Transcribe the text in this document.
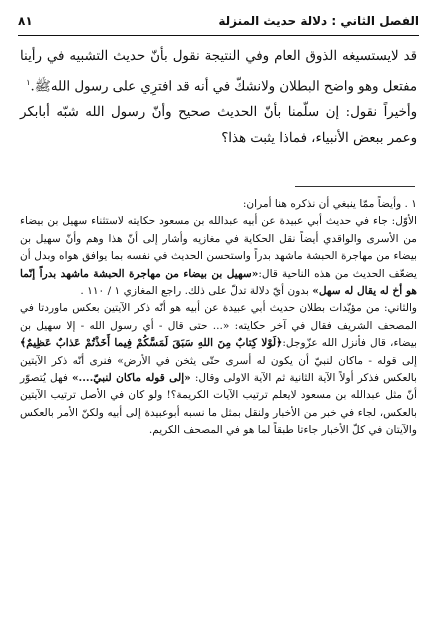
الفصل الثاني : دلالة حديث المنزلة
٨١

قد لايستسيغه الذوق العام وفي النتيجة نقول بأنّ حديث التشبيه في رأينا مفتعل وهو واضح البطلان ولانشكّ في أنه قد افترِي على رسول اللهﷺ.$^١$

وأخيراً نقول: إن سلّمنا بأنّ الحديث صحيح وأنّ رسول الله شبّه أبابكر وعمر ببعض الأنبياء، فماذا يثبت هذا؟

١ . وأيضاً ممّا ينبغي أن نذكره هنا أمران:

الأوّل: جاء في حديث أبي عبيدة عن أبيه عبدالله بن مسعود حكايته لاستثناء سهيل بن بيضاء من الأسرى والواقدي أيضاً نقل الحكاية في مغازيه وأشار إلى أنّ هذا وهم وأنّ سهيل بن بيضاء من مهاجرة الحبشة ماشهد بدراً واستحسن الحديث في نفسه بما يوافق هواه وبدل أن يضعّف الحديث من هذه الناحية قال:«سهيل بن بيضاء من مهاجرة الحبشة ماشهد بدراً إنّما هو أخ له يقال له سهل» بدون أيّ دلالة تدلّ على ذلك. راجع المغازي ١ / ١١٠ .

والثاني: من مؤيّدات بطلان حديث أبي عبيدة عن أبيه هو أنّه ذكر الآيتين بعكس ماوردتا في المصحف الشريف فقال في آخر حكايته: «... حتى قال - أي رسول الله - إلا سهيل بن بيضاء، قال فأنزل الله عزّوجل:﴿لَوْلا كِتابٌ مِنَ اللهِ سَبَقَ لَمَسَّكُمْ فِيما أَخَذْتُمْ عَذابٌ عَظِيمٌ﴾ إلى قوله - ماكان لنبيّ أن يكون له أسرى حتّى يثخن في الأرض» فنرى أنّه ذكر الآيتين بالعكس فذكر أولاً الآية الثانية ثم الآية الاولى وقال: «إلى قوله ماكان لنبيّ....» فهل يُتصوّر أنّ مثل عبدالله بن مسعود لايعلم ترتيب الآيات الكريمة؟! ولو كان في الأصل ترتيب الآيتين بالعكس، لجاء في خبر من الأخبار ولنقل بمثل ما نسبه أبوعبيدة إلى أبيه ولكنّ الأمر بالعكس والآيتان في كلّ الأخبار جاءتا طبقاً لما هو في المصحف الكريم.
